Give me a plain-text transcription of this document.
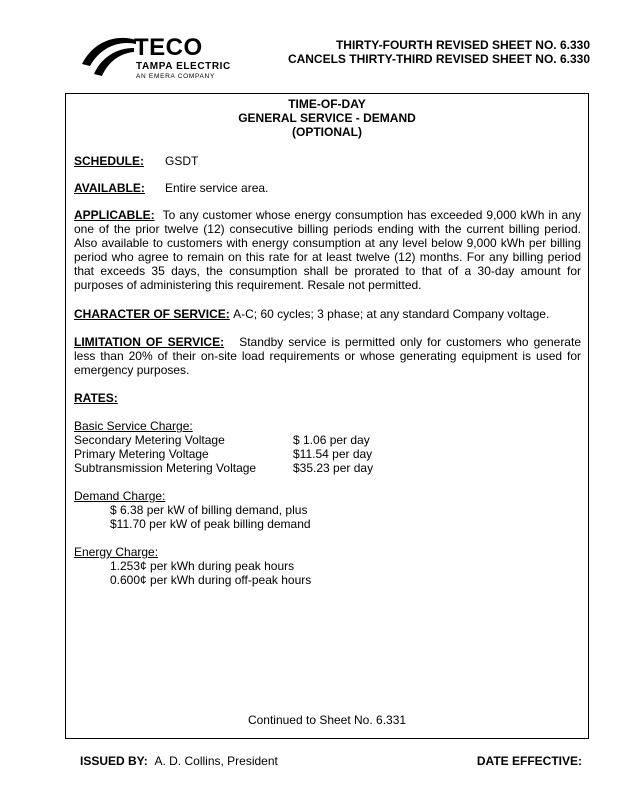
TECO
TAMPA ELECTRIC
AN EMERA COMPANY
THIRTY-FOURTH REVISED SHEET NO. 6.330
CANCELS THIRTY-THIRD REVISED SHEET NO. 6.330
TIME-OF-DAY
GENERAL SERVICE - DEMAND
(OPTIONAL)
SCHEDULE: GSDT
AVAILABLE: Entire service area.
APPLICABLE: To any customer whose energy consumption has exceeded 9,000 kWh in any one of the prior twelve (12) consecutive billing periods ending with the current billing period. Also available to customers with energy consumption at any level below 9,000 kWh per billing period who agree to remain on this rate for at least twelve (12) months. For any billing period that exceeds 35 days, the consumption shall be prorated to that of a 30-day amount for purposes of administering this requirement. Resale not permitted.
CHARACTER OF SERVICE: A-C; 60 cycles; 3 phase; at any standard Company voltage.
LIMITATION OF SERVICE: Standby service is permitted only for customers who generate less than 20% of their on-site load requirements or whose generating equipment is used for emergency purposes.
RATES:
Basic Service Charge:
Secondary Metering Voltage	$ 1.06 per day
Primary Metering Voltage	$11.54 per day
Subtransmission Metering Voltage	$35.23 per day
Demand Charge:
$ 6.38 per kW of billing demand, plus
$11.70 per kW of peak billing demand
Energy Charge:
1.253¢ per kWh during peak hours
0.600¢ per kWh during off-peak hours
Continued to Sheet No. 6.331
ISSUED BY: A. D. Collins, President	DATE EFFECTIVE:
